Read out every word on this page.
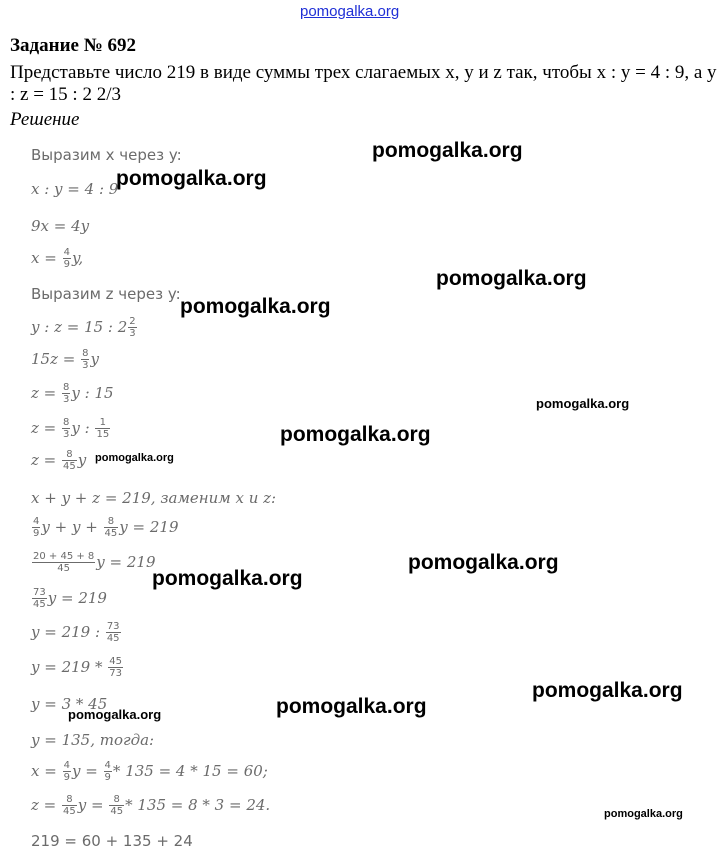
pomogalka.org
Задание № 692
Представьте число 219 в виде суммы трех слагаемых x, y и z так, чтобы x : y = 4 : 9, а y : z = 15 : 2 2/3
Решение
Выразим x через y:
x : y = 4 : 9
9x = 4y
$x = \frac{4}{9} y$,
Выразим z через y:
y : z = 15 : $2 \frac{2}{3}$
$15z = \frac{8}{3}$ y
$z = \frac{8}{3}$ y : 15
$z = \frac{8}{3}$ y : $\frac{1}{15}$
$z = \frac{8}{45}$ y
x + y + z = 219, заменим x и z:
$\frac{4}{9}$ $y + y + \frac{8}{45}$ y = 219
$\frac{20 + 45 + 8}{45}$ y = 219
$\frac{73}{45}$ y = 219
y = 219 : $\frac{73}{45}$
$y = 219 * \frac{45}{73}$
y = 3 * 45
y = 135, тогда:
$x = \frac{4}{9}$ $y = \frac{4}{9} * 135 = 4 * 15 = 60$;
$z = \frac{8}{45}$ $y = \frac{8}{45} * 135 = 8 * 3 = 24$.
219 = 60 + 135 + 24
pomogalka.org
pomogalka.org
pomogalka.org
pomogalka.org
pomogalka.org
pomogalka.org
pomogalka.org
pomogalka.org
pomogalka.org
pomogalka.org
pomogalka.org
pomogalka.org
pomogalka.org
